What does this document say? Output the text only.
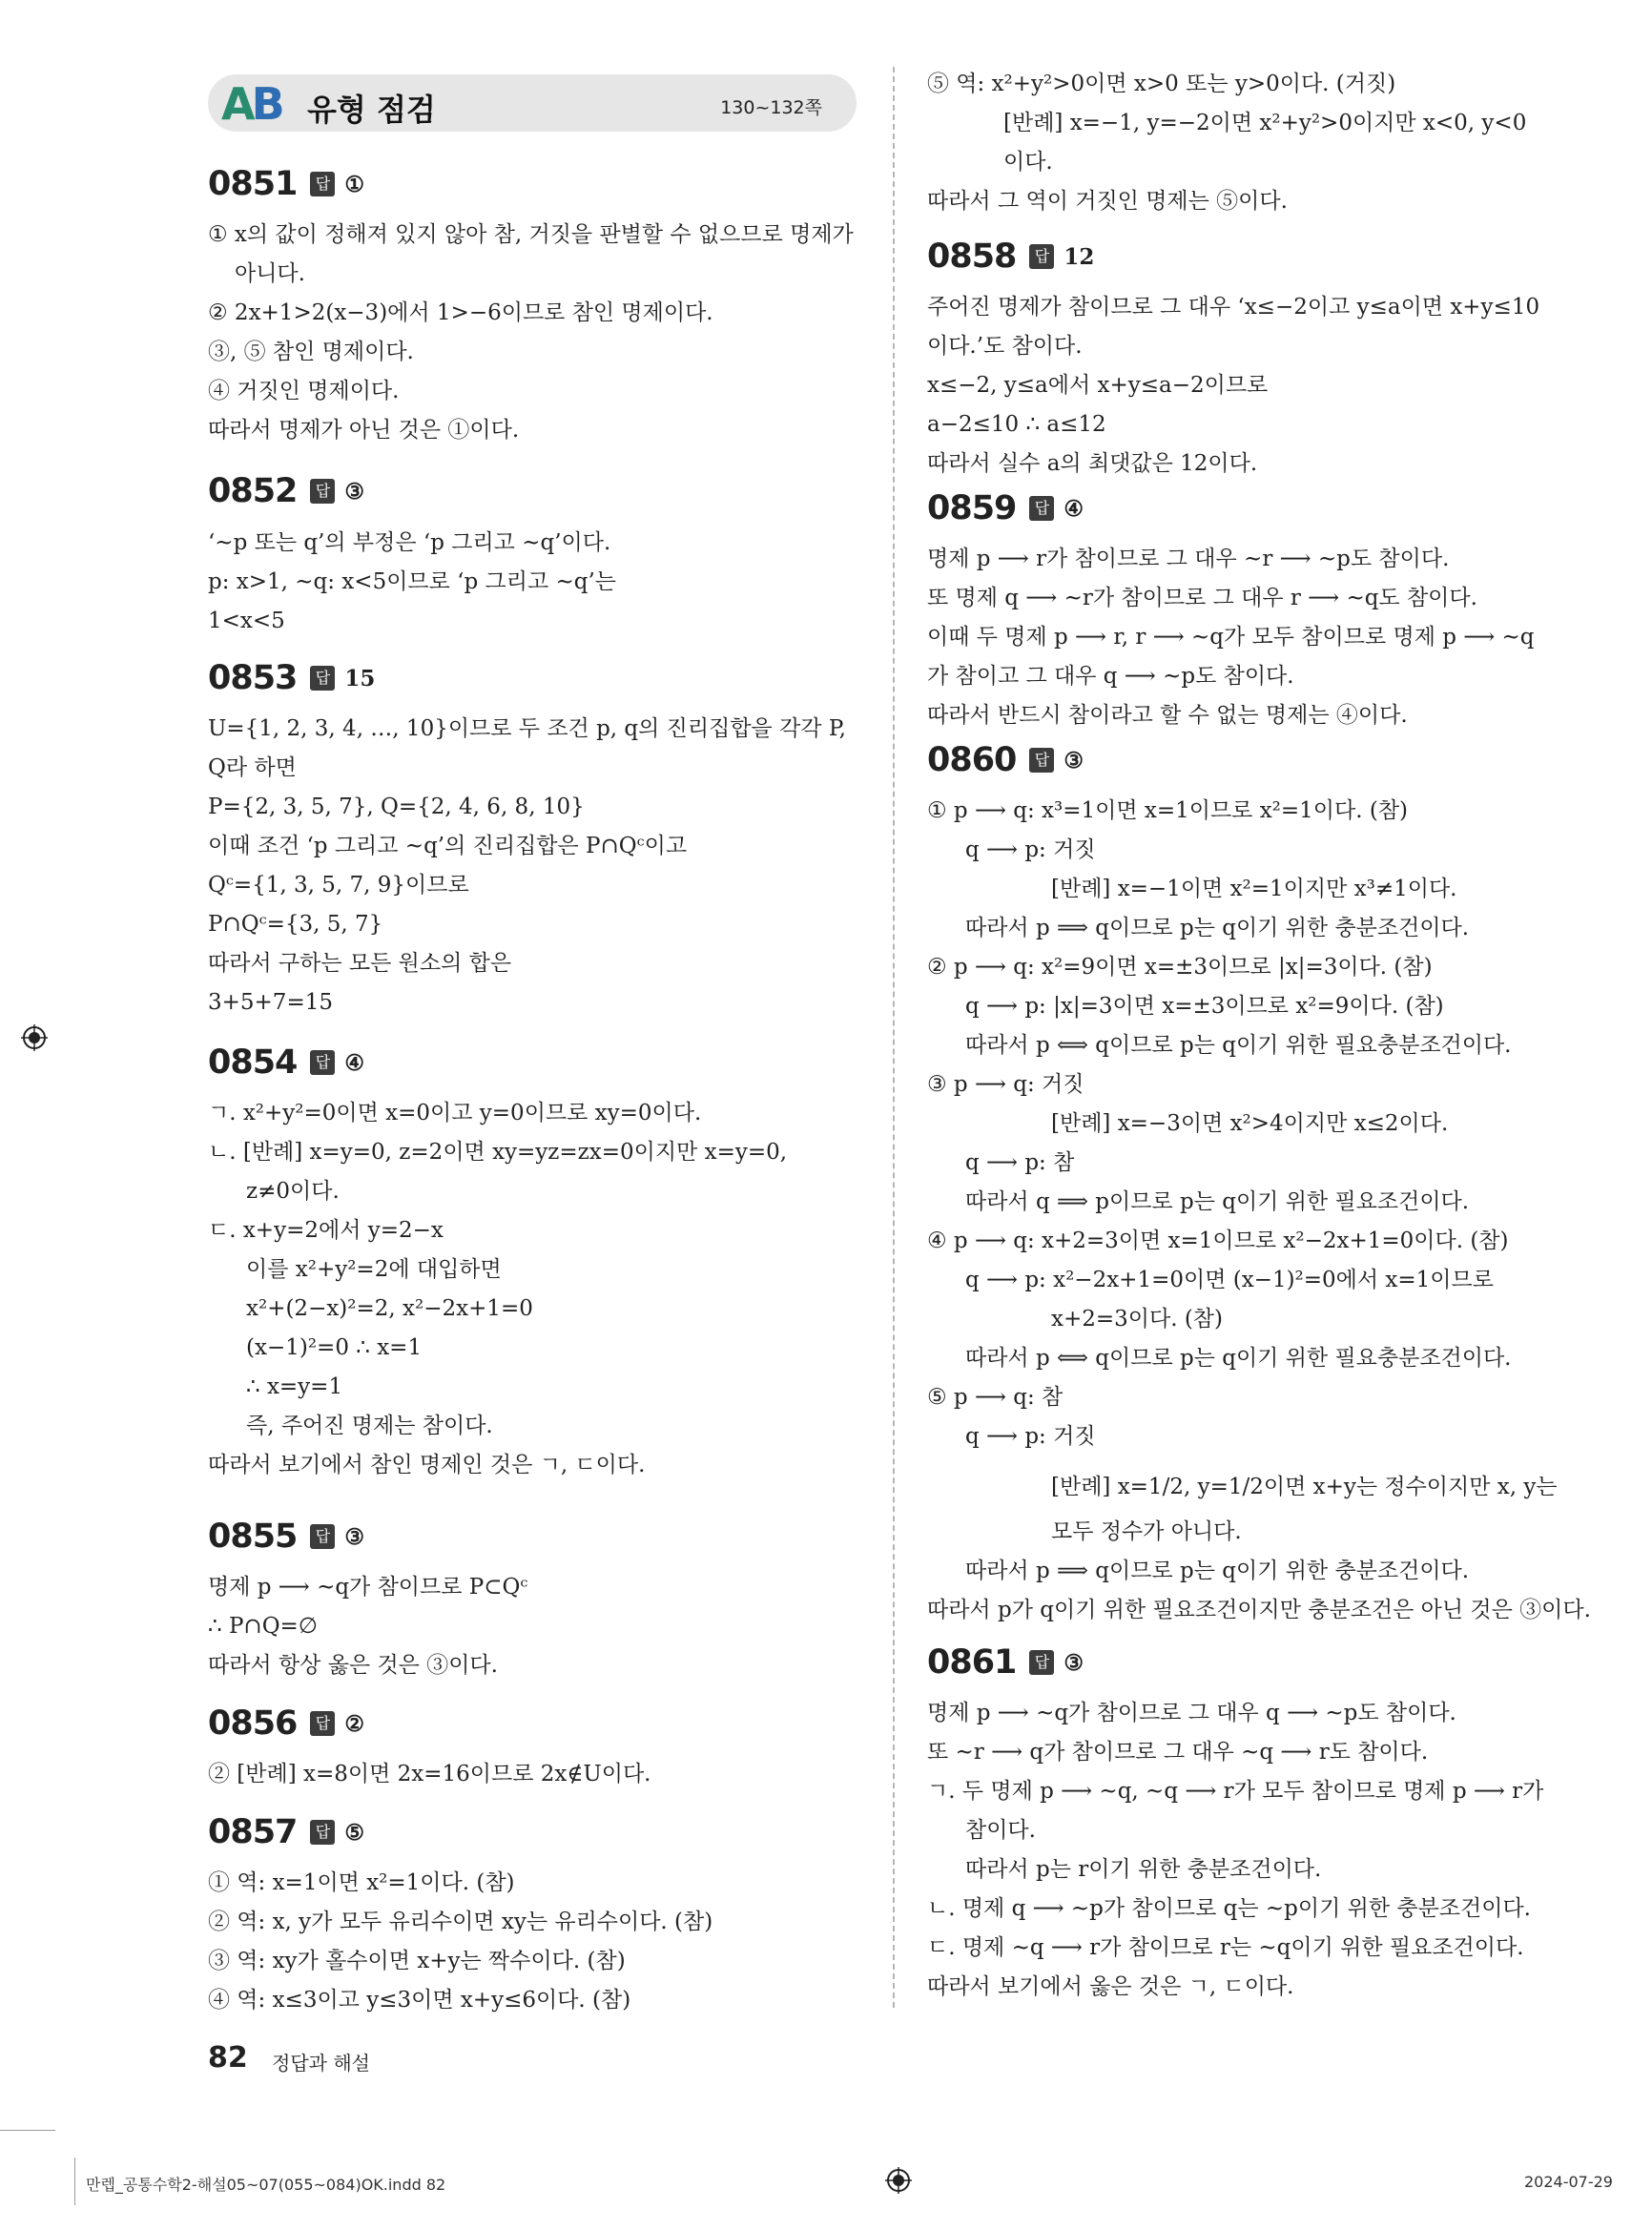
AB 유형 점검	130~132쪽
0851	답 ①
① x의 값이 정해져 있지 않아 참, 거짓을 판별할 수 없으므로 명제가
아니다.
② 2x+1>2(x−3)에서 1>−6이므로 참인 명제이다.
③, ⑤ 참인 명제이다.
④ 거짓인 명제이다.
따라서 명제가 아닌 것은 ①이다.
0852	답 ③
‘~p 또는 q’의 부정은 ‘p 그리고 ~q’이다.
p: x>1, ~q: x<5이므로 ‘p 그리고 ~q’는
1<x<5
0853	답 15
U={1, 2, 3, 4, …, 10}이므로 두 조건 p, q의 진리집합을 각각 P,
Q라 하면
P={2, 3, 5, 7}, Q={2, 4, 6, 8, 10}
이때 조건 ‘p 그리고 ~q’의 진리집합은 P∩Qᶜ이고
Qᶜ={1, 3, 5, 7, 9}이므로
P∩Qᶜ={3, 5, 7}
따라서 구하는 모든 원소의 합은
3+5+7=15
0854	답 ④
ㄱ. x²+y²=0이면 x=0이고 y=0이므로 xy=0이다.
ㄴ. [반례] x=y=0, z=2이면 xy=yz=zx=0이지만 x=y=0,
z≠0이다.
ㄷ. x+y=2에서 y=2−x
이를 x²+y²=2에 대입하면
x²+(2−x)²=2, x²−2x+1=0
(x−1)²=0 ∴ x=1
∴ x=y=1
즉, 주어진 명제는 참이다.
따라서 보기에서 참인 명제인 것은 ㄱ, ㄷ이다.
0855	답 ③
명제 p ⟶ ~q가 참이므로 P⊂Qᶜ
∴ P∩Q=∅
따라서 항상 옳은 것은 ③이다.
0856	답 ②
② [반례] x=8이면 2x=16이므로 2x∉U이다.
0857	답 ⑤
① 역: x=1이면 x²=1이다. (참)
② 역: x, y가 모두 유리수이면 xy는 유리수이다. (참)
③ 역: xy가 홀수이면 x+y는 짝수이다. (참)
④ 역: x≤3이고 y≤3이면 x+y≤6이다. (참)
⑤ 역: x²+y²>0이면 x>0 또는 y>0이다. (거짓)
[반례] x=−1, y=−2이면 x²+y²>0이지만 x<0, y<0
이다.
따라서 그 역이 거짓인 명제는 ⑤이다.
0858	답 12
주어진 명제가 참이므로 그 대우 ‘x≤−2이고 y≤a이면 x+y≤10
이다.’도 참이다.
x≤−2, y≤a에서 x+y≤a−2이므로
a−2≤10 ∴ a≤12
따라서 실수 a의 최댓값은 12이다.
0859	답 ④
명제 p ⟶ r가 참이므로 그 대우 ~r ⟶ ~p도 참이다.
또 명제 q ⟶ ~r가 참이므로 그 대우 r ⟶ ~q도 참이다.
이때 두 명제 p ⟶ r, r ⟶ ~q가 모두 참이므로 명제 p ⟶ ~q
가 참이고 그 대우 q ⟶ ~p도 참이다.
따라서 반드시 참이라고 할 수 없는 명제는 ④이다.
0860	답 ③
① p ⟶ q: x³=1이면 x=1이므로 x²=1이다. (참)
q ⟶ p: 거짓
[반례] x=−1이면 x²=1이지만 x³≠1이다.
따라서 p ⟹ q이므로 p는 q이기 위한 충분조건이다.
② p ⟶ q: x²=9이면 x=±3이므로 |x|=3이다. (참)
q ⟶ p: |x|=3이면 x=±3이므로 x²=9이다. (참)
따라서 p ⟺ q이므로 p는 q이기 위한 필요충분조건이다.
③ p ⟶ q: 거짓
[반례] x=−3이면 x²>4이지만 x≤2이다.
q ⟶ p: 참
따라서 q ⟹ p이므로 p는 q이기 위한 필요조건이다.
④ p ⟶ q: x+2=3이면 x=1이므로 x²−2x+1=0이다. (참)
q ⟶ p: x²−2x+1=0이면 (x−1)²=0에서 x=1이므로
x+2=3이다. (참)
따라서 p ⟺ q이므로 p는 q이기 위한 필요충분조건이다.
⑤ p ⟶ q: 참
q ⟶ p: 거짓
[반례] x=1/2, y=1/2이면 x+y는 정수이지만 x, y는
모두 정수가 아니다.
따라서 p ⟹ q이므로 p는 q이기 위한 충분조건이다.
따라서 p가 q이기 위한 필요조건이지만 충분조건은 아닌 것은 ③이다.
0861	답 ③
명제 p ⟶ ~q가 참이므로 그 대우 q ⟶ ~p도 참이다.
또 ~r ⟶ q가 참이므로 그 대우 ~q ⟶ r도 참이다.
ㄱ. 두 명제 p ⟶ ~q, ~q ⟶ r가 모두 참이므로 명제 p ⟶ r가
참이다.
따라서 p는 r이기 위한 충분조건이다.
ㄴ. 명제 q ⟶ ~p가 참이므로 q는 ~p이기 위한 충분조건이다.
ㄷ. 명제 ~q ⟶ r가 참이므로 r는 ~q이기 위한 필요조건이다.
따라서 보기에서 옳은 것은 ㄱ, ㄷ이다.
82 정답과 해설
만렙_공통수학2-해설05~07(055~084)OK.indd 82	2024-07-29
